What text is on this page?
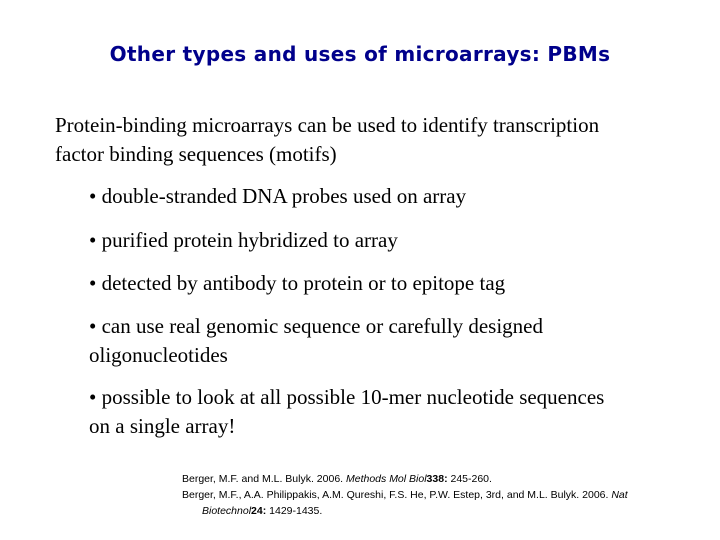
Other types and uses of microarrays: PBMs
Protein-binding microarrays can be used to identify transcription
factor binding sequences (motifs)
• double-stranded DNA probes used on array
• purified protein hybridized to array
• detected by antibody to protein or to epitope tag
• can use real genomic sequence or carefully designed
oligonucleotides
• possible to look at all possible 10-mer nucleotide sequences
on a single array!
Berger, M.F. and M.L. Bulyk. 2006. Methods Mol Biol338: 245-260.
Berger, M.F., A.A. Philippakis, A.M. Qureshi, F.S. He, P.W. Estep, 3rd, and M.L. Bulyk. 2006. Nat
Biotechnol24: 1429-1435.
